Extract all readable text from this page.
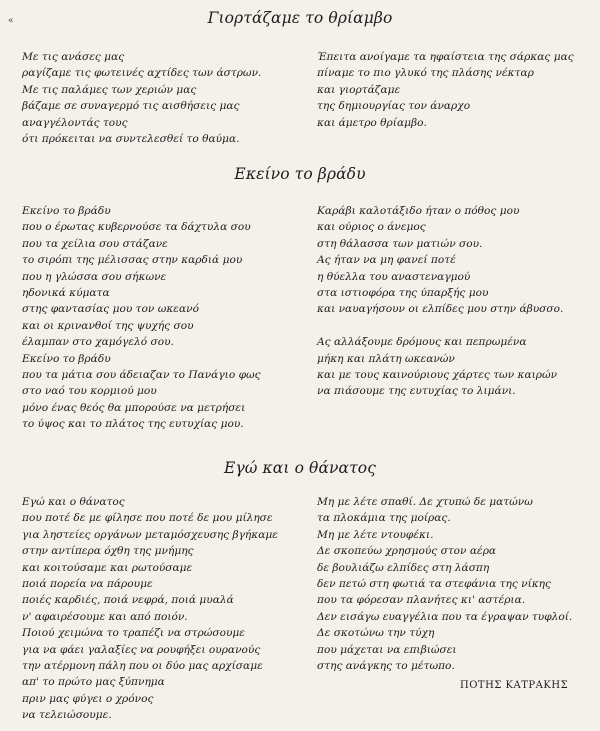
«	Γιορτάζαμε το θρίαμβο
Με τις ανάσες μας
ραγίζαμε τις φωτεινές αχτίδες των άστρων.
Με τις παλάμες των χεριών μας
βάζαμε σε συναγερμό τις αισθήσεις μας
αναγγέλοντάς τους
ότι πρόκειται να συντελεσθεί το θαύμα.
Έπειτα ανοίγαμε τα ηφαίστεια της σάρκας μας
πίναμε το πιο γλυκό της πλάσης νέκταρ
και γιορτάζαμε
της δημιουργίας τον άναρχο
και άμετρο θρίαμβο.
Εκείνο το βράδυ
Εκείνο το βράδυ
που ο έρωτας κυβερνούσε τα δάχτυλα σου
που τα χείλια σου στάζανε
το σιρόπι της μέλισσας στην καρδιά μου
που η γλώσσα σου σήκωνε
ηδονικά κύματα
στης φαντασίας μου τον ωκεανό
και οι κρινανθοί της ψυχής σου
έλαμπαν στο χαμόγελό σου.
Εκείνο το βράδυ
που τα μάτια σου άδειαζαν το Πανάγιο φως
στο ναό του κορμιού μου
μόνο ένας θεός θα μπορούσε να μετρήσει
το ύψος και το πλάτος της ευτυχίας μου.
Καράβι καλοτάξιδο ήταν ο πόθος μου
και ούριος ο άνεμος
στη θάλασσα των ματιών σου.
Ας ήταν να μη φανεί ποτέ
η θύελλα του αναστεναγμού
στα ιστιοφόρα της ύπαρξής μου
και ναυαγήσουν οι ελπίδες μου στην άβυσσο.
Ας αλλάξουμε δρόμους και πεπρωμένα
μήκη και πλάτη ωκεανών
και με τους καινούριους χάρτες των καιρών
να πιάσουμε της ευτυχίας το λιμάνι.
Εγώ και ο θάνατος
Εγώ και ο θάνατος
που ποτέ δε με φίλησε που ποτέ δε μου μίλησε
για ληστείες οργάνων μεταμόσχευσης βγήκαμε
στην αντίπερα όχθη της μνήμης
και κοιτούσαμε και ρωτούσαμε
ποιά πορεία να πάρουμε
ποιές καρδιές, ποιά νεφρά, ποιά μυαλά
ν' αφαιρέσουμε και από ποιόν.
Ποιού χειμώνα το τραπέζι να στρώσουμε
για να φάει γαλαξίες να ρουφήξει ουρανούς
την ατέρμονη πάλη που οι δύο μας αρχίσαμε
απ' το πρώτο μας ξύπνημα
πριν μας φύγει ο χρόνος
να τελειώσουμε.
Μη με λέτε σπαθί. Δε χτυπώ δε ματώνω
τα πλοκάμια της μοίρας.
Μη με λέτε ντουφέκι.
Δε σκοπεύω χρησμούς στον αέρα
δε βουλιάζω ελπίδες στη λάσπη
δεν πετώ στη φωτιά τα στεφάνια της νίκης
που τα φόρεσαν πλανήτες κι' αστέρια.
Δεν εισάγω ευαγγέλια που τα έγραψαν τυφλοί.
Δε σκοτώνω την τύχη
που μάχεται να επιβιώσει
στης ανάγκης το μέτωπο.
ΠΟΤΗΣ ΚΑΤΡΑΚΗΣ
